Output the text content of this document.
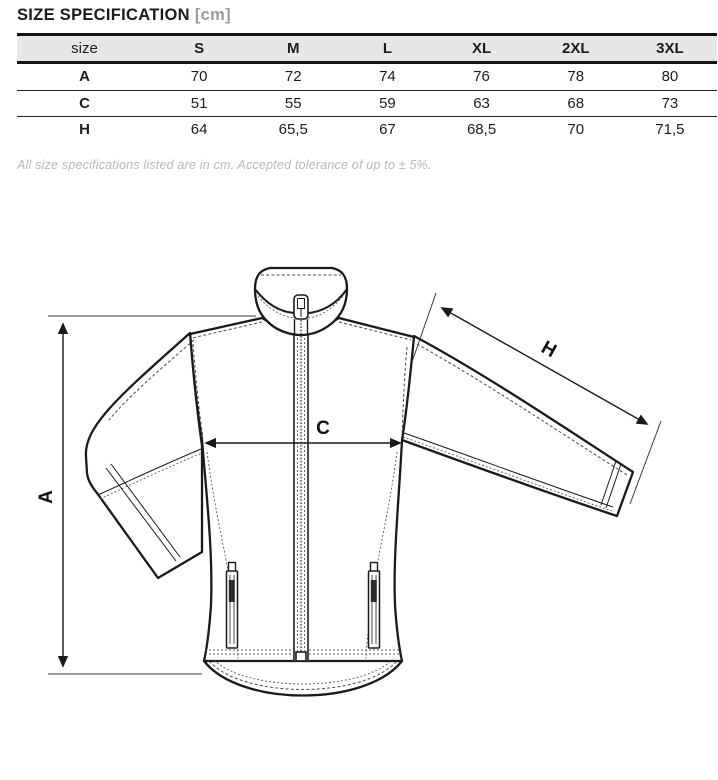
SIZE SPECIFICATION [cm]
size	S	M	L	XL	2XL	3XL
A	70	72	74	76	78	80
C	51	55	59	63	68	73
H	64	65,5	67	68,5	70	71,5
All size specifications listed are in cm. Accepted tolerance of up to ± 5%.
A
C
H
